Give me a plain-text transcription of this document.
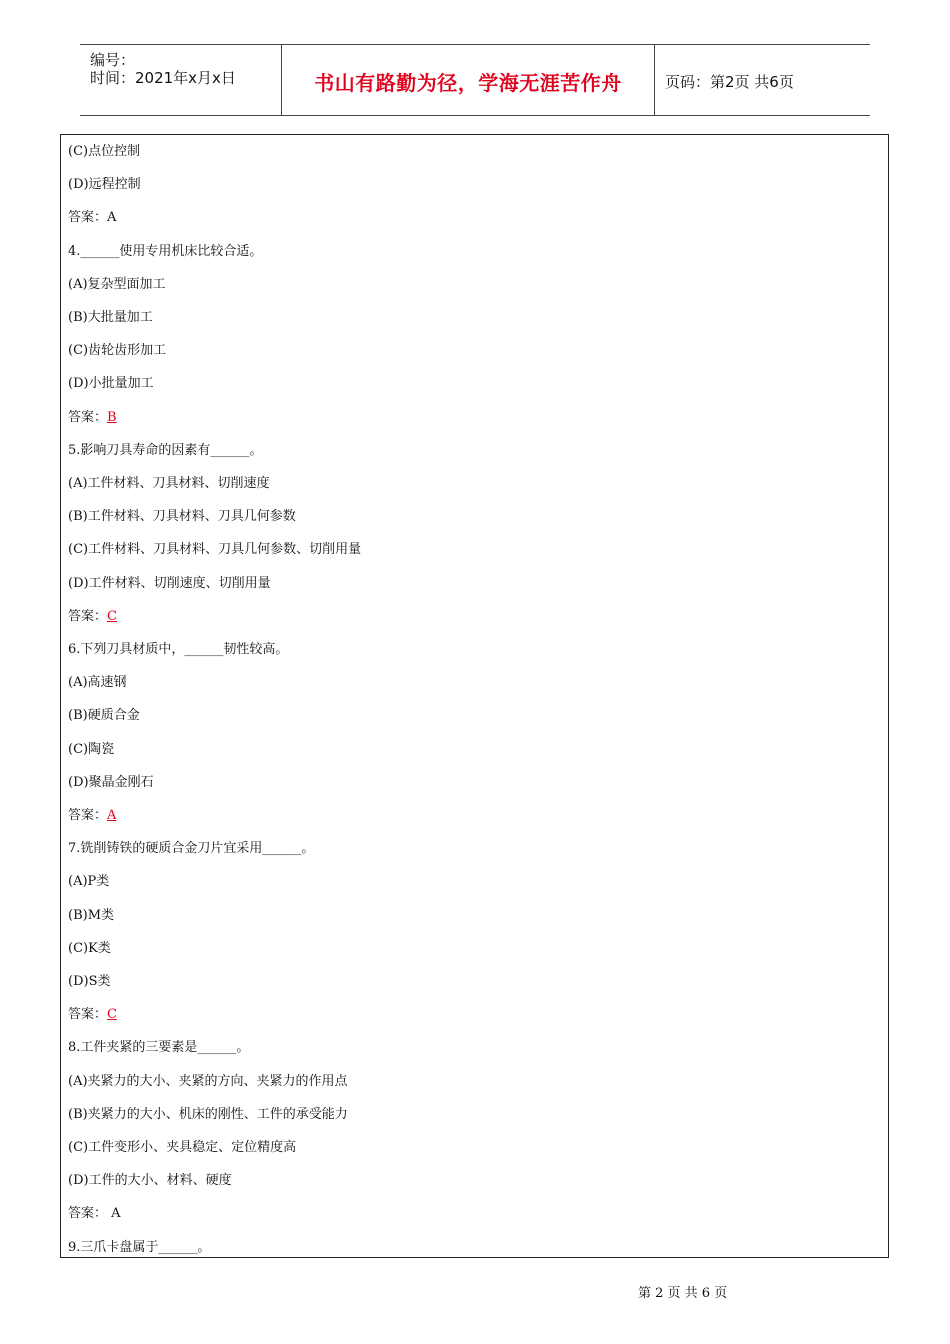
编号：
时间：2021年x月x日	书山有路勤为径，学海无涯苦作舟	页码：第2页 共6页
(C)点位控制
(D)远程控制
答案：A
4.______使用专用机床比较合适。
(A)复杂型面加工
(B)大批量加工
(C)齿轮齿形加工
(D)小批量加工
答案：B
5.影响刀具寿命的因素有______。
(A)工件材料、刀具材料、切削速度
(B)工件材料、刀具材料、刀具几何参数
(C)工件材料、刀具材料、刀具几何参数、切削用量
(D)工件材料、切削速度、切削用量
答案：C
6.下列刀具材质中，______韧性较高。
(A)高速钢
(B)硬质合金
(C)陶瓷
(D)聚晶金刚石
答案：A
7.铣削铸铁的硬质合金刀片宜采用______。
(A)P类
(B)M类
(C)K类
(D)S类
答案：C
8.工件夹紧的三要素是______。
(A)夹紧力的大小、夹紧的方向、夹紧力的作用点
(B)夹紧力的大小、机床的刚性、工件的承受能力
(C)工件变形小、夹具稳定、定位精度高
(D)工件的大小、材料、硬度
答案： A
9.三爪卡盘属于______。
第 2 页 共 6 页
